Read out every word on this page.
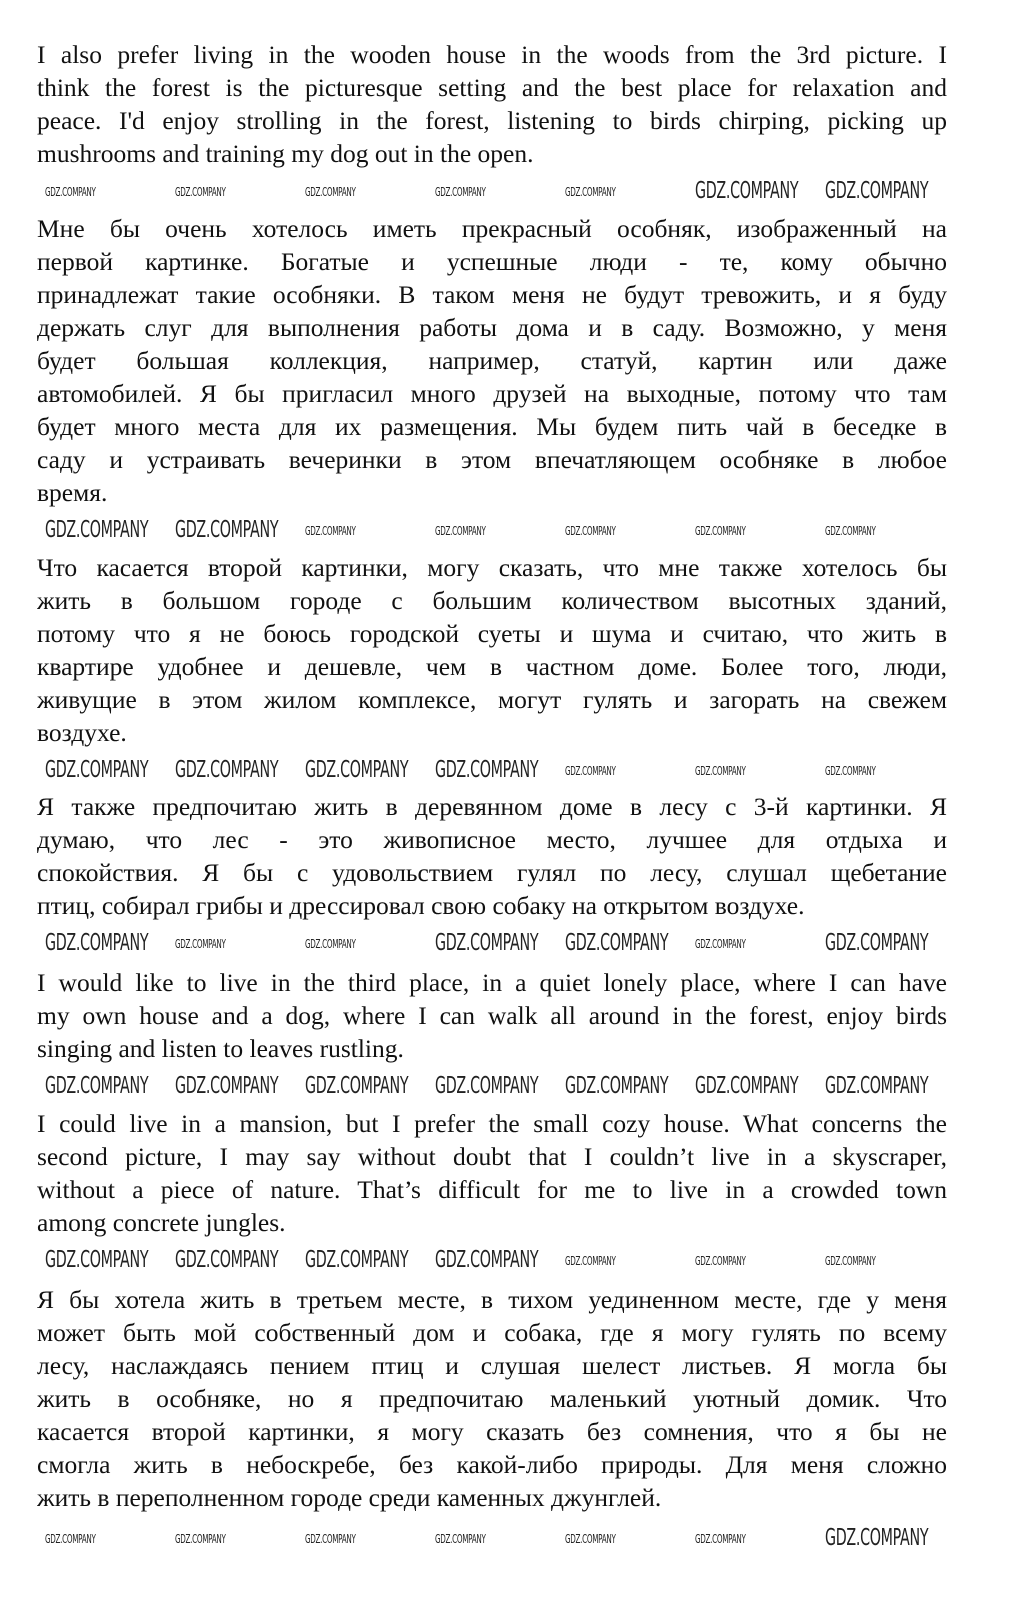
I also prefer living in the wooden house in the woods from the 3rd picture. I
think the forest is the picturesque setting and the best place for relaxation and
peace. I'd enjoy strolling in the forest, listening to birds chirping, picking up
mushrooms and training my dog out in the open.
Мне бы очень хотелось иметь прекрасный особняк, изображенный на
первой картинке. Богатые и успешные люди - те, кому обычно
принадлежат такие особняки. В таком меня не будут тревожить, и я буду
держать слуг для выполнения работы дома и в саду. Возможно, у меня
будет большая коллекция, например, статуй, картин или даже
автомобилей. Я бы пригласил много друзей на выходные, потому что там
будет много места для их размещения. Мы будем пить чай в беседке в
саду и устраивать вечеринки в этом впечатляющем особняке в любое
время.
Что касается второй картинки, могу сказать, что мне также хотелось бы
жить в большом городе с большим количеством высотных зданий,
потому что я не боюсь городской суеты и шума и считаю, что жить в
квартире удобнее и дешевле, чем в частном доме. Более того, люди,
живущие в этом жилом комплексе, могут гулять и загорать на свежем
воздухе.
Я также предпочитаю жить в деревянном доме в лесу с 3-й картинки. Я
думаю, что лес - это живописное место, лучшее для отдыха и
спокойствия. Я бы с удовольствием гулял по лесу, слушал щебетание
птиц, собирал грибы и дрессировал свою собаку на открытом воздухе.
I would like to live in the third place, in a quiet lonely place, where I can have
my own house and a dog, where I can walk all around in the forest, enjoy birds
singing and listen to leaves rustling.
I could live in a mansion, but I prefer the small cozy house. What concerns the
second picture, I may say without doubt that I couldn’t live in a skyscraper,
without a piece of nature. That’s difficult for me to live in a crowded town
among concrete jungles.
Я бы хотела жить в третьем месте, в тихом уединенном месте, где у меня
может быть мой собственный дом и собака, где я могу гулять по всему
лесу, наслаждаясь пением птиц и слушая шелест листьев. Я могла бы
жить в особняке, но я предпочитаю маленький уютный домик. Что
касается второй картинки, я могу сказать без сомнения, что я бы не
смогла жить в небоскребе, без какой-либо природы. Для меня сложно
жить в переполненном городе среди каменных джунглей.
GDZ.COMPANY	GDZ.COMPANY	GDZ.COMPANY	GDZ.COMPANY	GDZ.COMPANY	GDZ.COMPANY GDZ.COMPANY
GDZ.COMPANY GDZ.COMPANY GDZ.COMPANY	GDZ.COMPANY	GDZ.COMPANY	GDZ.COMPANY	GDZ.COMPANY
GDZ.COMPANY GDZ.COMPANY GDZ.COMPANY GDZ.COMPANY GDZ.COMPANY	GDZ.COMPANY	GDZ.COMPANY
GDZ.COMPANY GDZ.COMPANY	GDZ.COMPANY	GDZ.COMPANY GDZ.COMPANY GDZ.COMPANY	GDZ.COMPANY
GDZ.COMPANY GDZ.COMPANY GDZ.COMPANY GDZ.COMPANY GDZ.COMPANY GDZ.COMPANY GDZ.COMPANY
GDZ.COMPANY GDZ.COMPANY GDZ.COMPANY GDZ.COMPANY GDZ.COMPANY	GDZ.COMPANY	GDZ.COMPANY
GDZ.COMPANY	GDZ.COMPANY	GDZ.COMPANY	GDZ.COMPANY	GDZ.COMPANY	GDZ.COMPANY	GDZ.COMPANY
